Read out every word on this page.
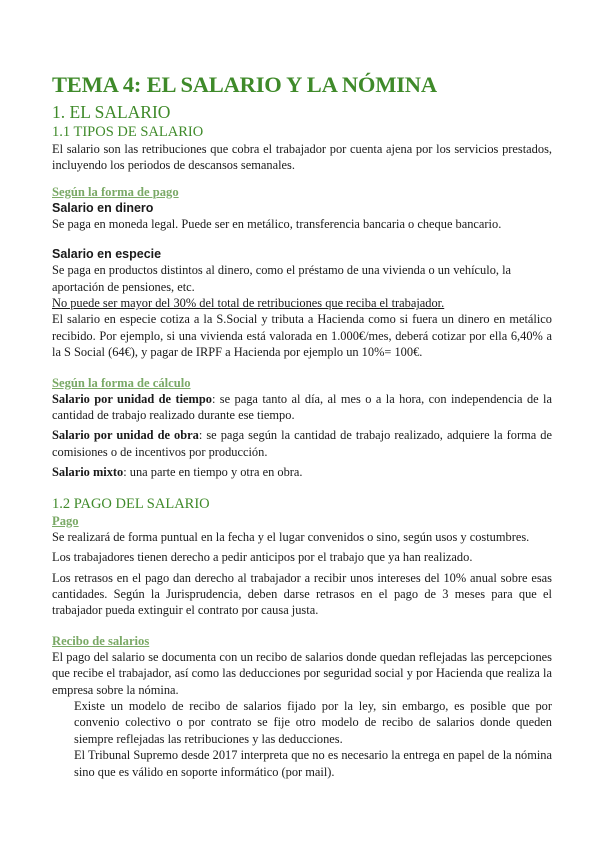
TEMA 4: EL SALARIO Y LA NÓMINA
1. EL SALARIO
1.1 TIPOS DE SALARIO

El salario son las retribuciones que cobra el trabajador por cuenta ajena por los servicios prestados, incluyendo los periodos de descansos semanales.

Según la forma de pago
Salario en dinero

Se paga en moneda legal. Puede ser en metálico, transferencia bancaria o cheque bancario.

Salario en especie

Se paga en productos distintos al dinero, como el préstamo de una vivienda o un vehículo, la aportación de pensiones, etc.

No puede ser mayor del 30% del total de retribuciones que reciba el trabajador.

El salario en especie cotiza a la S.Social y tributa a Hacienda como si fuera un dinero en metálico recibido. Por ejemplo, si una vivienda está valorada en 1.000€/mes, deberá cotizar por ella 6,40% a la S Social (64€), y pagar de IRPF a Hacienda por ejemplo un 10%= 100€.

Según la forma de cálculo

Salario por unidad de tiempo: se paga tanto al día, al mes o a la hora, con independencia de la cantidad de trabajo realizado durante ese tiempo.

Salario por unidad de obra: se paga según la cantidad de trabajo realizado, adquiere la forma de comisiones o de incentivos por producción.

Salario mixto: una parte en tiempo y otra en obra.

1.2 PAGO DEL SALARIO
Pago

Se realizará de forma puntual en la fecha y el lugar convenidos o sino, según usos y costumbres.

Los trabajadores tienen derecho a pedir anticipos por el trabajo que ya han realizado.

Los retrasos en el pago dan derecho al trabajador a recibir unos intereses del 10% anual sobre esas cantidades. Según la Jurisprudencia, deben darse retrasos en el pago de 3 meses para que el trabajador pueda extinguir el contrato por causa justa.

Recibo de salarios

El pago del salario se documenta con un recibo de salarios donde quedan reflejadas las percepciones que recibe el trabajador, así como las deducciones por seguridad social y por Hacienda que realiza la empresa sobre la nómina.

Existe un modelo de recibo de salarios fijado por la ley, sin embargo, es posible que por convenio colectivo o por contrato se fije otro modelo de recibo de salarios donde queden siempre reflejadas las retribuciones y las deducciones.

El Tribunal Supremo desde 2017 interpreta que no es necesario la entrega en papel de la nómina sino que es válido en soporte informático (por mail).
